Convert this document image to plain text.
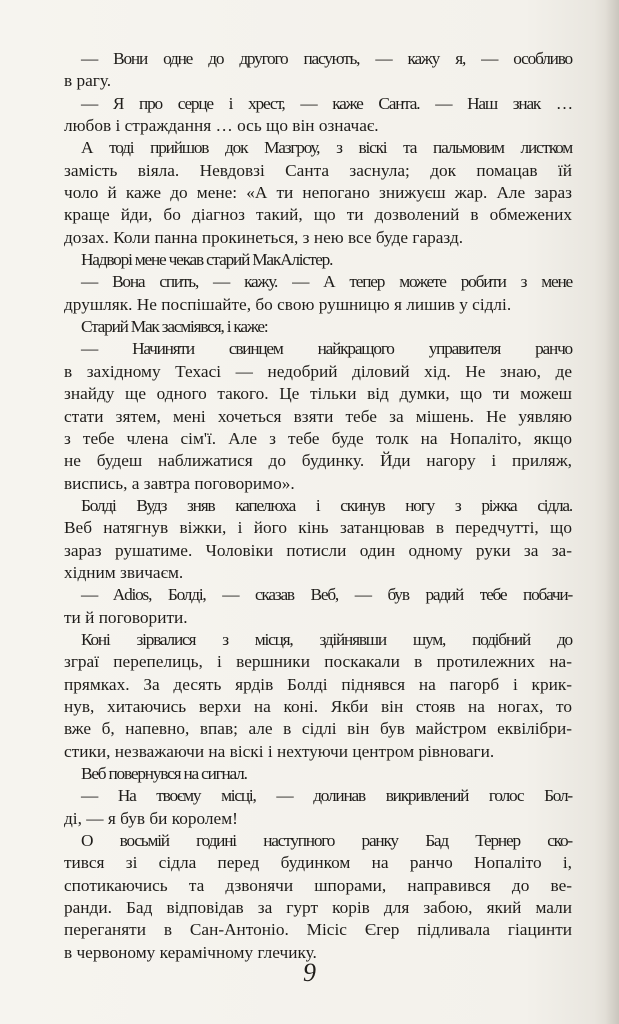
— Вони одне до другого пасують, — кажу я, — особливо
в рагу.

— Я про серце і хрест, — каже Санта. — Наш знак …
любов і страждання … ось що він означає.

А тоді прийшов док Мазгроу, з віскі та пальмовим листком
замість віяла. Невдовзі Санта заснула; док помацав їй
чоло й каже до мене: «А ти непогано знижуєш жар. Але зараз
краще йди, бо діагноз такий, що ти дозволений в обмежених
дозах. Коли панна прокинеться, з нею все буде гаразд.

Надворі мене чекав старий МакАлістер.

— Вона спить, — кажу. — А тепер можете робити з мене
друшляк. Не поспішайте, бо свою рушницю я лишив у сідлі.

Старий Мак засміявся, і каже:

— Начиняти свинцем найкращого управителя ранчо
в західному Техасі — недобрий діловий хід. Не знаю, де
знайду ще одного такого. Це тільки від думки, що ти можеш
стати зятем, мені хочеться взяти тебе за мішень. Не уявляю
з тебе члена сім'ї. Але з тебе буде толк на Нопаліто, якщо
не будеш наближатися до будинку. Йди нагору і приляж,
виспись, а завтра поговоримо».

Болді Вудз зняв капелюха і скинув ногу з ріжка сідла.
Веб натягнув віжки, і його кінь затанцював в передчутті, що
зараз рушатиме. Чоловіки потисли один одному руки за за-
хідним звичаєм.

— Adios, Болді, — сказав Веб, — був радий тебе побачи-
ти й поговорити.

Коні зірвалися з місця, здійнявши шум, подібний до
зграї перепелиць, і вершники поскакали в протилежних на-
прямках. За десять ярдів Болді піднявся на пагорб і крик-
нув, хитаючись верхи на коні. Якби він стояв на ногах, то
вже б, напевно, впав; але в сідлі він був майстром еквілібри-
стики, незважаючи на віскі і нехтуючи центром рівноваги.

Веб повернувся на сигнал.

— На твоєму місці, — долинав викривлений голос Бол-
ді, — я був би королем!

О восьмій годині наступного ранку Бад Тернер ско-
тився зі сідла перед будинком на ранчо Нопаліто і,
спотикаючись та дзвонячи шпорами, направився до ве-
ранди. Бад відповідав за гурт корів для забою, який мали
переганяти в Сан-Антоніо. Місіс Єгер підливала гіацинти
в червоному керамічному глечику.

9
